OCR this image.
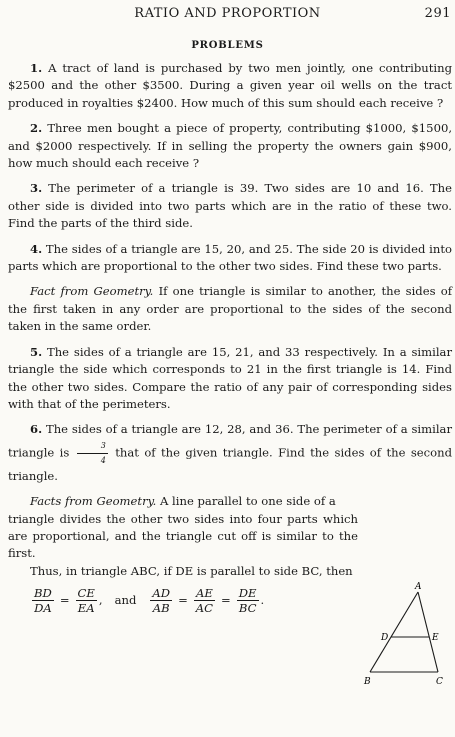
RATIO AND PROPORTION	291
PROBLEMS

1. A tract of land is purchased by two men jointly, one contributing $2500 and the other $3500. During a given year oil wells on the tract produced in royalties $2400. How much of this sum should each receive ?

2. Three men bought a piece of property, contributing $1000, $1500, and $2000 respectively. If in selling the property the owners gain $900, how much should each receive ?

3. The perimeter of a triangle is 39. Two sides are 10 and 16. The other side is divided into two parts which are in the ratio of these two. Find the parts of the third side.

4. The sides of a triangle are 15, 20, and 25. The side 20 is divided into parts which are proportional to the other two sides. Find these two parts.

Fact from Geometry. If one triangle is similar to another, the sides of the first taken in any order are proportional to the sides of the second taken in the same order.

5. The sides of a triangle are 15, 21, and 33 respectively. In a similar triangle the side which corresponds to 21 in the first triangle is 14. Find the other two sides. Compare the ratio of any pair of corresponding sides with that of the perimeters.

6. The sides of a triangle are 12, 28, and 36. The perimeter of a similar triangle is $\frac{3}{4}$ that of the given triangle. Find the sides of the second triangle.

Facts from Geometry. A line parallel to one side of a

triangle divides the other two sides into four parts which are proportional, and the triangle cut off is similar to the first.

Thus, in triangle ABC, if DE is parallel to side BC, then

$\frac{BD}{DA} = \frac{CE}{EA}$ , and $\frac{AD}{AB} = \frac{AE}{AC} = \frac{DE}{BC}$ .
A
B	C
D	E
